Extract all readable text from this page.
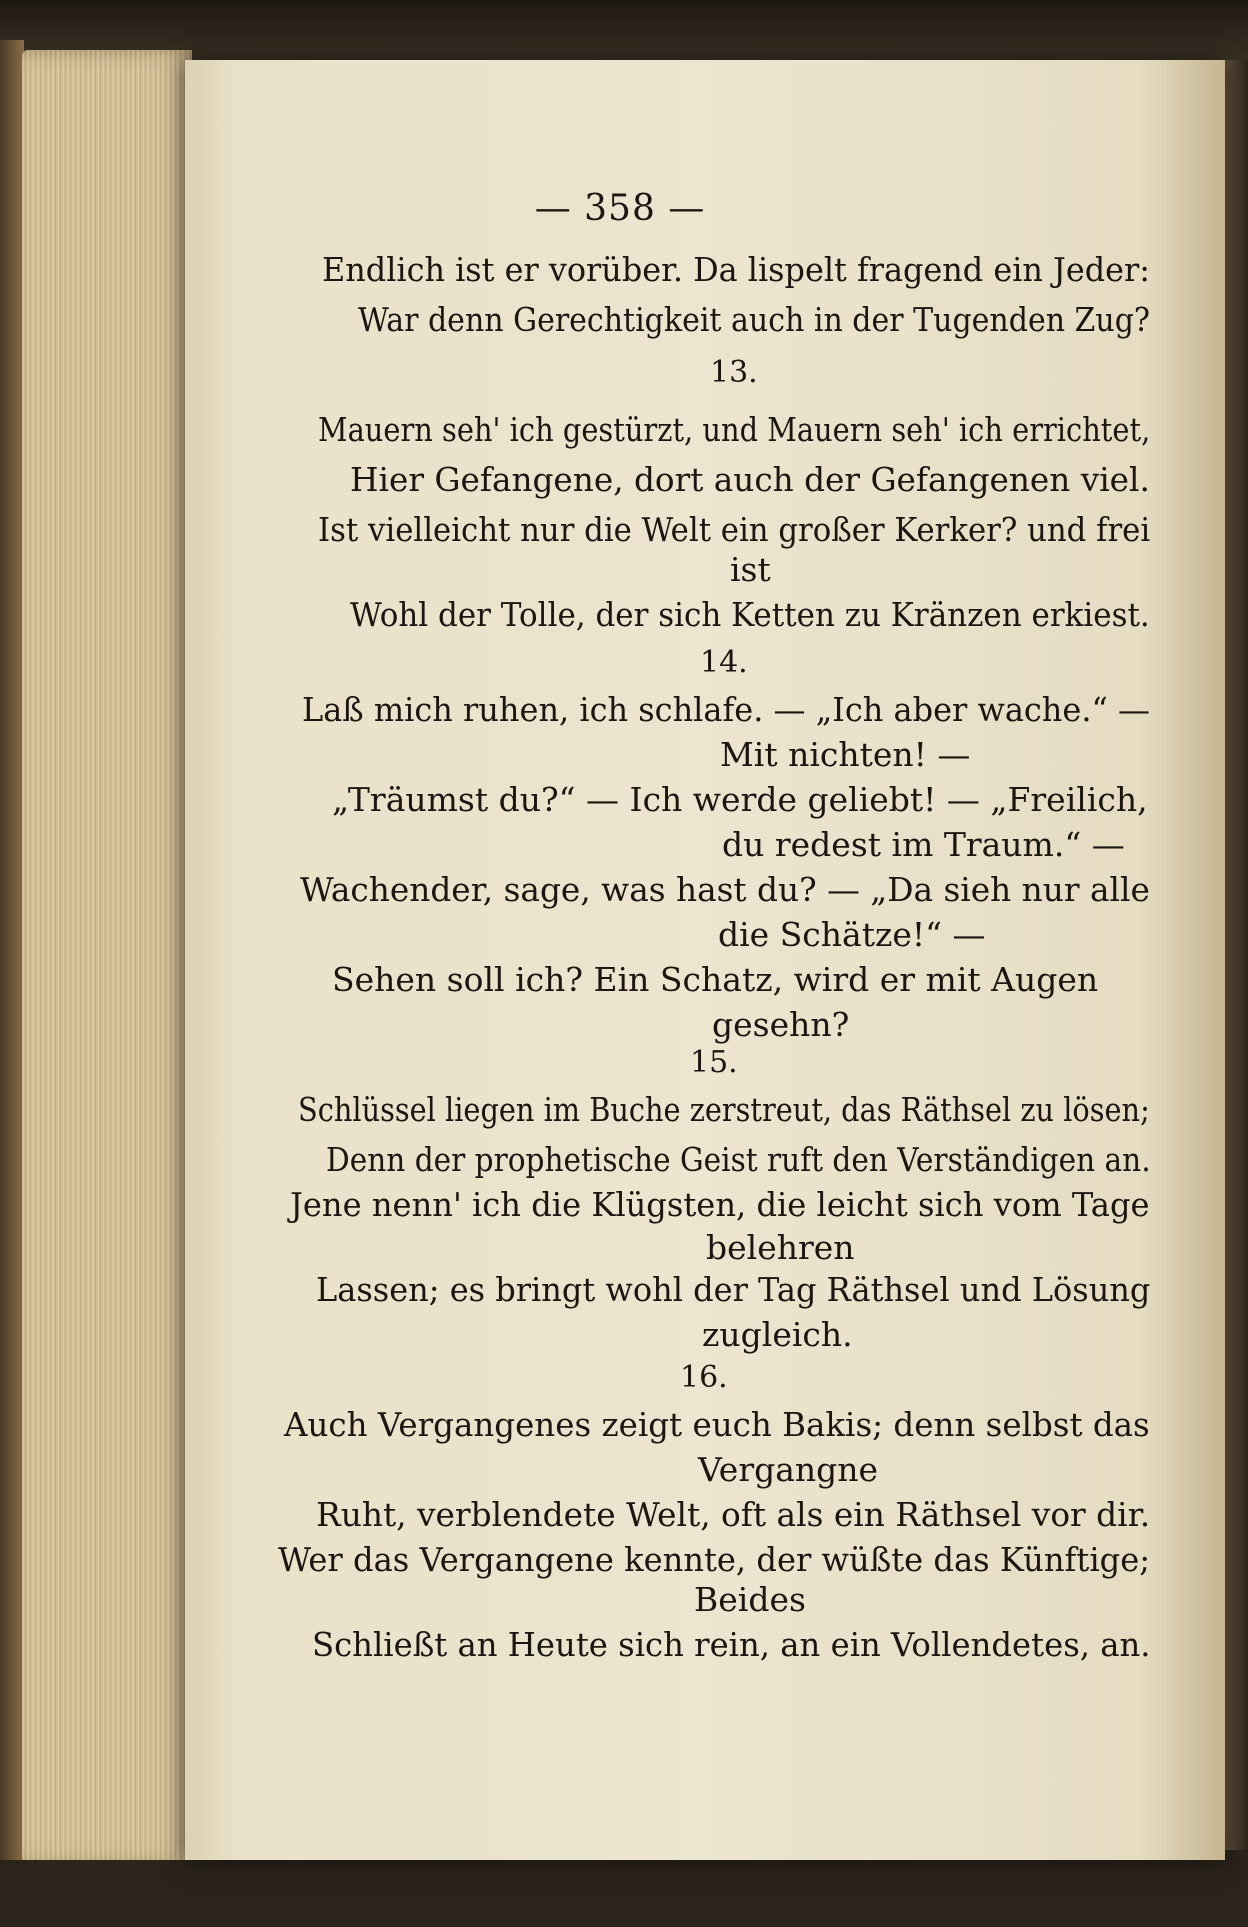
— 358 —
Endlich ist er vorüber. Da lispelt fragend ein Jeder:
War denn Gerechtigkeit auch in der Tugenden Zug?
13.
Mauern seh' ich gestürzt, und Mauern seh' ich errichtet,
Hier Gefangene, dort auch der Gefangenen viel.
Ist vielleicht nur die Welt ein großer Kerker? und frei
ist
Wohl der Tolle, der sich Ketten zu Kränzen erkiest.
14.
Laß mich ruhen, ich schlafe. — „Ich aber wache.“ —
Mit nichten! —
„Träumst du?“ — Ich werde geliebt! — „Freilich,
du redest im Traum.“ —
Wachender, sage, was hast du? — „Da sieh nur alle
die Schätze!“ —
Sehen soll ich? Ein Schatz, wird er mit Augen
gesehn?
15.
Schlüssel liegen im Buche zerstreut, das Räthsel zu lösen;
Denn der prophetische Geist ruft den Verständigen an.
Jene nenn' ich die Klügsten, die leicht sich vom Tage
belehren
Lassen; es bringt wohl der Tag Räthsel und Lösung
zugleich.
16.
Auch Vergangenes zeigt euch Bakis; denn selbst das
Vergangne
Ruht, verblendete Welt, oft als ein Räthsel vor dir.
Wer das Vergangene kennte, der wüßte das Künftige;
Beides
Schließt an Heute sich rein, an ein Vollendetes, an.
